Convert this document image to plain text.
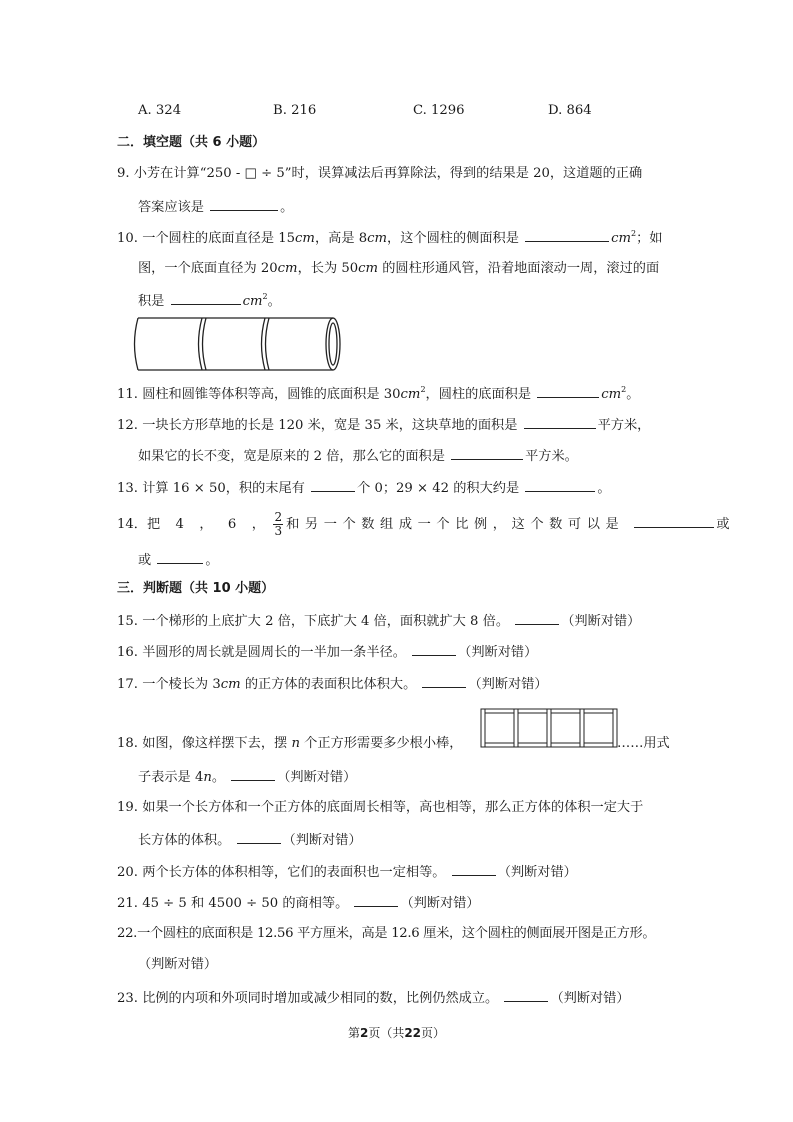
A. 324	B. 216	C. 1296	D. 864
二．填空题（共 6 小题）
9. 小芳在计算“250 - □ ÷ 5”时，误算减法后再算除法，得到的结果是 20，这道题的正确
答案应该是	。
10. 一个圆柱的底面直径是 15cm，高是 8cm，这个圆柱的侧面积是	$cm^2$；如
图，一个底面直径为 20cm，长为 50cm 的圆柱形通风管，沿着地面滚动一周，滚过的面
积是	$cm^2$。
11. 圆柱和圆锥等体积等高，圆锥的底面积是 $30cm^2$，圆柱的底面积是	$cm^2$。
12. 一块长方形草地的长是 120 米，宽是 35 米，这块草地的面积是	平方米，
如果它的长不变，宽是原来的 2 倍，那么它的面积是	平方米。
13. 计算 16 × 50，积的末尾有	个 0；29 × 42 的积大约是	。
14．把 4 ， 6 ， $\frac{2}{3}$ 和另一个数组成一个比例，这个数可以是	或
或	。
三．判断题（共 10 小题）
15. 一个梯形的上底扩大 2 倍，下底扩大 4 倍，面积就扩大 8 倍。	（判断对错）
16. 半圆形的周长就是圆周长的一半加一条半径。	（判断对错）
17. 一个棱长为 3cm 的正方体的表面积比体积大。	（判断对错）
18. 如图，像这样摆下去，摆 n 个正方形需要多少根小棒，	……用式
子表示是 4n。	（判断对错）
19. 如果一个长方体和一个正方体的底面周长相等，高也相等，那么正方体的体积一定大于
长方体的体积。	（判断对错）
20. 两个长方体的体积相等，它们的表面积也一定相等。	（判断对错）
21. 45 ÷ 5 和 4500 ÷ 50 的商相等。	（判断对错）
22.一个圆柱的底面积是 12.56 平方厘米，高是 12.6 厘米，这个圆柱的侧面展开图是正方形。
（判断对错）
23. 比例的内项和外项同时增加或减少相同的数，比例仍然成立。	（判断对错）
第2页（共22页）
